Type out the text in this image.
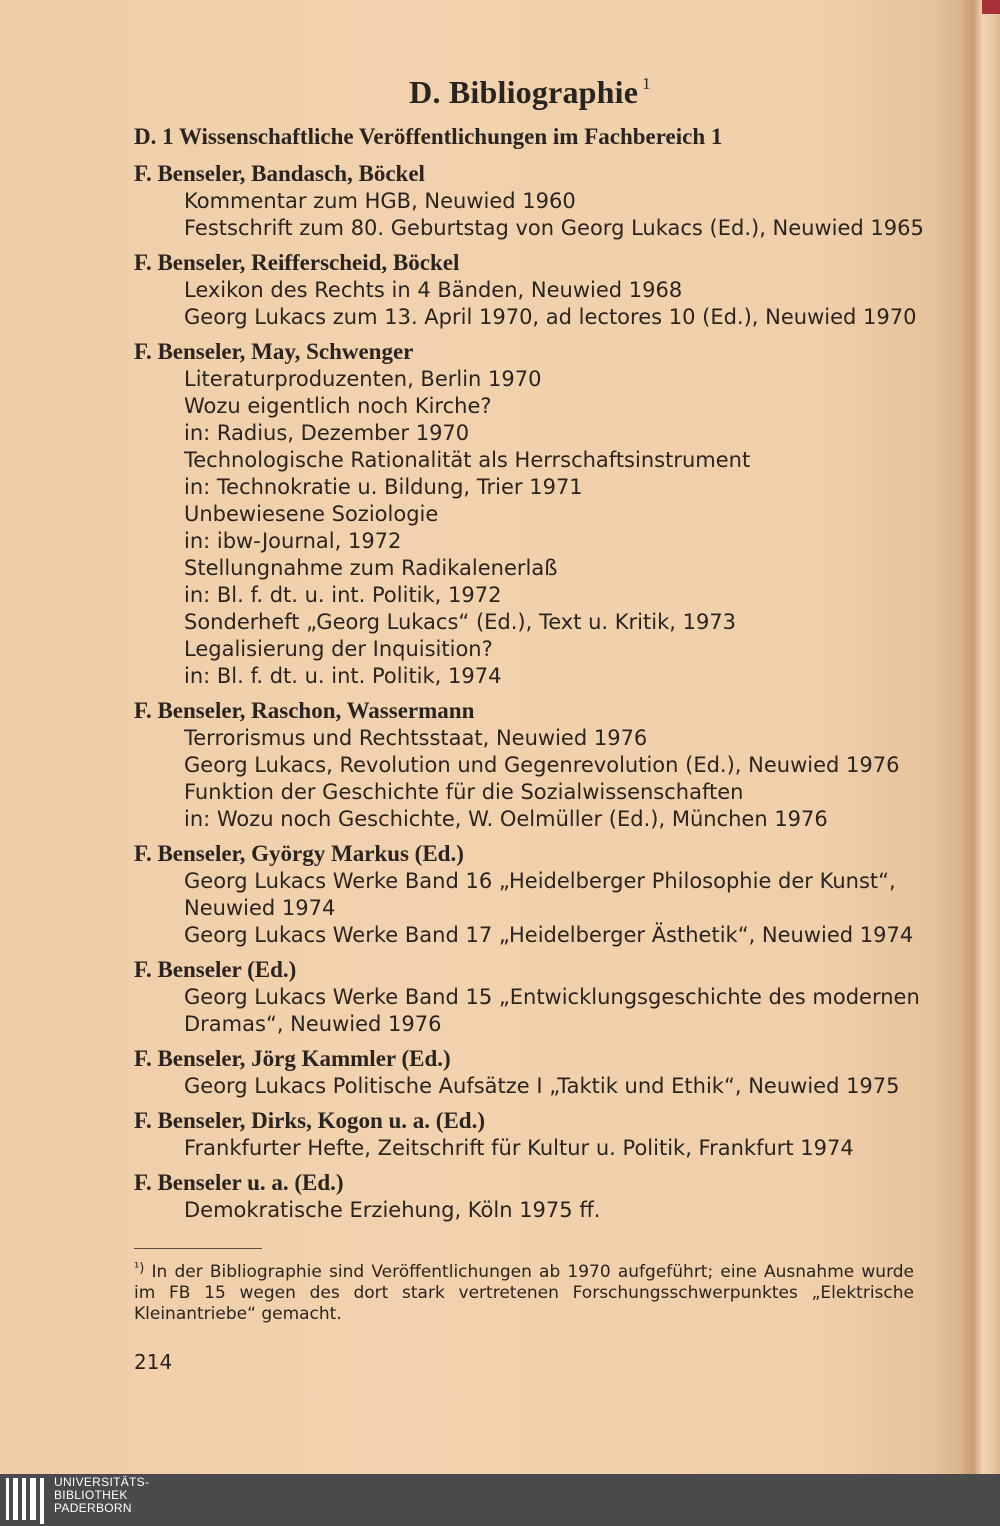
D. Bibliographie $^1$
D. 1 Wissenschaftliche Veröffentlichungen im Fachbereich 1
F. Benseler, Bandasch, Böckel
Kommentar zum HGB, Neuwied 1960
Festschrift zum 80. Geburtstag von Georg Lukacs (Ed.), Neuwied 1965
F. Benseler, Reifferscheid, Böckel
Lexikon des Rechts in 4 Bänden, Neuwied 1968
Georg Lukacs zum 13. April 1970, ad lectores 10 (Ed.), Neuwied 1970
F. Benseler, May, Schwenger
Literaturproduzenten, Berlin 1970
Wozu eigentlich noch Kirche?
in: Radius, Dezember 1970
Technologische Rationalität als Herrschaftsinstrument
in: Technokratie u. Bildung, Trier 1971
Unbewiesene Soziologie
in: ibw-Journal, 1972
Stellungnahme zum Radikalenerlaß
in: Bl. f. dt. u. int. Politik, 1972
Sonderheft „Georg Lukacs“ (Ed.), Text u. Kritik, 1973
Legalisierung der Inquisition?
in: Bl. f. dt. u. int. Politik, 1974
F. Benseler, Raschon, Wassermann
Terrorismus und Rechtsstaat, Neuwied 1976
Georg Lukacs, Revolution und Gegenrevolution (Ed.), Neuwied 1976
Funktion der Geschichte für die Sozialwissenschaften
in: Wozu noch Geschichte, W. Oelmüller (Ed.), München 1976
F. Benseler, György Markus (Ed.)
Georg Lukacs Werke Band 16 „Heidelberger Philosophie der Kunst“,
Neuwied 1974
Georg Lukacs Werke Band 17 „Heidelberger Ästhetik“, Neuwied 1974
F. Benseler (Ed.)
Georg Lukacs Werke Band 15 „Entwicklungsgeschichte des modernen
Dramas“, Neuwied 1976
F. Benseler, Jörg Kammler (Ed.)
Georg Lukacs Politische Aufsätze I „Taktik und Ethik“, Neuwied 1975
F. Benseler, Dirks, Kogon u. a. (Ed.)
Frankfurter Hefte, Zeitschrift für Kultur u. Politik, Frankfurt 1974
F. Benseler u. a. (Ed.)
Demokratische Erziehung, Köln 1975 ff.
$^{^1)}$ In der Bibliographie sind Veröffentlichungen ab 1970 aufgeführt; eine Ausnahme wurde im FB 15 wegen des dort stark vertretenen Forschungsschwerpunktes „Elektrische Kleinantriebe“ gemacht.
214
UNIVERSITÄTS-
BIBLIOTHEK
PADERBORN
